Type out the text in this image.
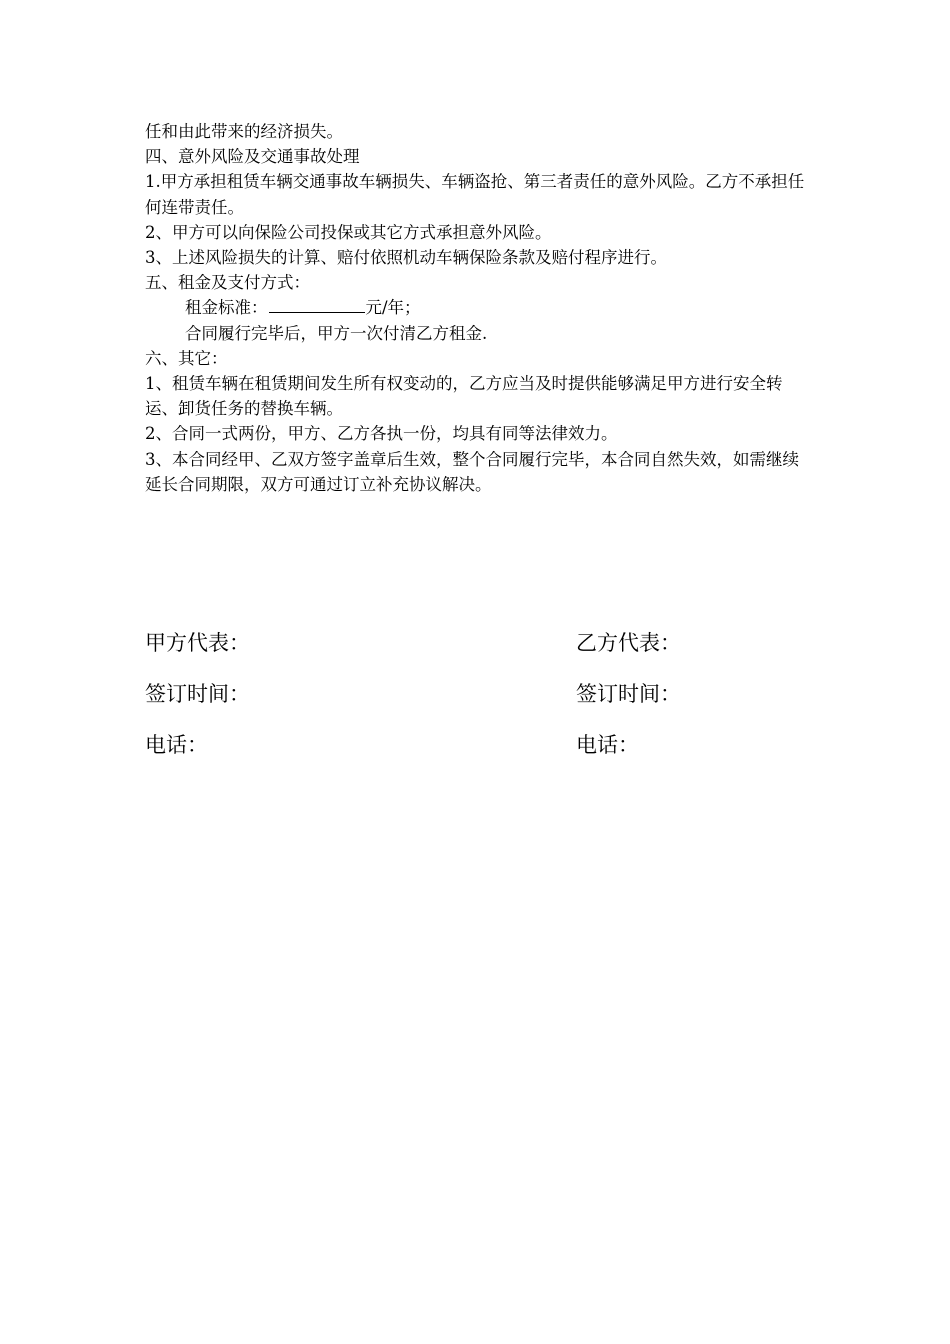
任和由此带来的经济损失。

四、意外风险及交通事故处理

1.甲方承担租赁车辆交通事故车辆损失、车辆盗抢、第三者责任的意外风险。乙方不承担任何连带责任。

2、甲方可以向保险公司投保或其它方式承担意外风险。

3、上述风险损失的计算、赔付依照机动车辆保险条款及赔付程序进行。

五、租金及支付方式：

租金标准：	元/年；

合同履行完毕后，甲方一次付清乙方租金.

六、其它：

1、租赁车辆在租赁期间发生所有权变动的，乙方应当及时提供能够满足甲方进行安全转运、卸货任务的替换车辆。

2、合同一式两份，甲方、乙方各执一份，均具有同等法律效力。

3、本合同经甲、乙双方签字盖章后生效，整个合同履行完毕，本合同自然失效，如需继续延长合同期限，双方可通过订立补充协议解决。

甲方代表：	乙方代表：
签订时间：	签订时间：
电话：	电话：
